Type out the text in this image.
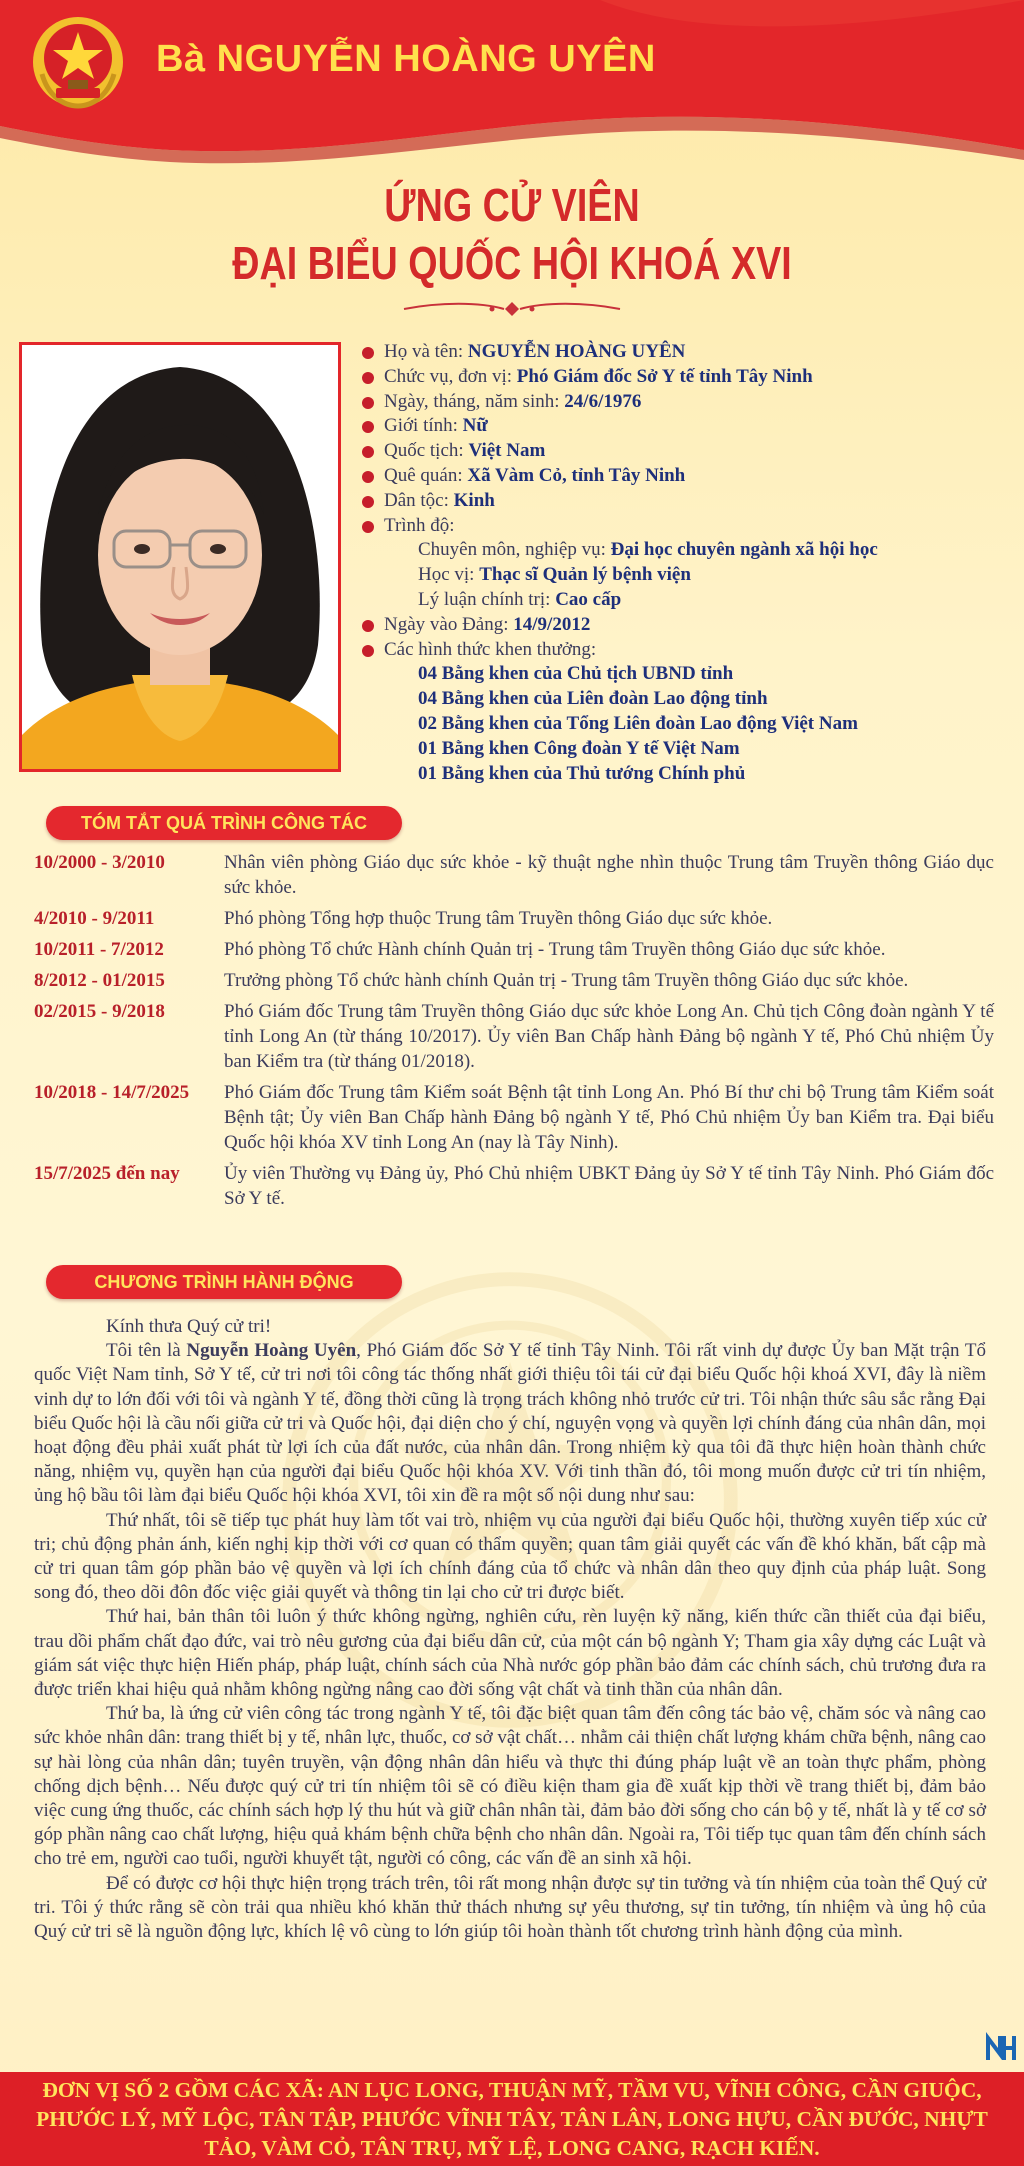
Bà NGUYỄN HOÀNG UYÊN
ỨNG CỬ VIÊN
ĐẠI BIỂU QUỐC HỘI KHOÁ XVI
Họ và tên: NGUYỄN HOÀNG UYÊN
Chức vụ, đơn vị: Phó Giám đốc Sở Y tế tỉnh Tây Ninh
Ngày, tháng, năm sinh: 24/6/1976
Giới tính: Nữ
Quốc tịch: Việt Nam
Quê quán: Xã Vàm Cỏ, tỉnh Tây Ninh
Dân tộc: Kinh
Trình độ:
Chuyên môn, nghiệp vụ: Đại học chuyên ngành xã hội học
Học vị: Thạc sĩ Quản lý bệnh viện
Lý luận chính trị: Cao cấp
Ngày vào Đảng: 14/9/2012
Các hình thức khen thưởng:
04 Bằng khen của Chủ tịch UBND tỉnh
04 Bằng khen của Liên đoàn Lao động tỉnh
02 Bằng khen của Tổng Liên đoàn Lao động Việt Nam
01 Bằng khen Công đoàn Y tế Việt Nam
01 Bằng khen của Thủ tướng Chính phủ
TÓM TẮT QUÁ TRÌNH CÔNG TÁC
10/2000 - 3/2010	Nhân viên phòng Giáo dục sức khỏe - kỹ thuật nghe nhìn thuộc Trung tâm Truyền thông Giáo dục sức khỏe.
4/2010 - 9/2011	Phó phòng Tổng hợp thuộc Trung tâm Truyền thông Giáo dục sức khỏe.
10/2011 - 7/2012	Phó phòng Tổ chức Hành chính Quản trị - Trung tâm Truyền thông Giáo dục sức khỏe.
8/2012 - 01/2015	Trưởng phòng Tổ chức hành chính Quản trị - Trung tâm Truyền thông Giáo dục sức khỏe.
02/2015 - 9/2018	Phó Giám đốc Trung tâm Truyền thông Giáo dục sức khỏe Long An. Chủ tịch Công đoàn ngành Y tế tỉnh Long An (từ tháng 10/2017). Ủy viên Ban Chấp hành Đảng bộ ngành Y tế, Phó Chủ nhiệm Ủy ban Kiểm tra (từ tháng 01/2018).
10/2018 - 14/7/2025	Phó Giám đốc Trung tâm Kiểm soát Bệnh tật tỉnh Long An. Phó Bí thư chi bộ Trung tâm Kiểm soát Bệnh tật; Ủy viên Ban Chấp hành Đảng bộ ngành Y tế, Phó Chủ nhiệm Ủy ban Kiểm tra. Đại biểu Quốc hội khóa XV tỉnh Long An (nay là Tây Ninh).
15/7/2025 đến nay	Ủy viên Thường vụ Đảng ủy, Phó Chủ nhiệm UBKT Đảng ủy Sở Y tế tỉnh Tây Ninh. Phó Giám đốc Sở Y tế.
CHƯƠNG TRÌNH HÀNH ĐỘNG

Kính thưa Quý cử tri!

Tôi tên là Nguyễn Hoàng Uyên, Phó Giám đốc Sở Y tế tỉnh Tây Ninh. Tôi rất vinh dự được Ủy ban Mặt trận Tổ quốc Việt Nam tỉnh, Sở Y tế, cử tri nơi tôi công tác thống nhất giới thiệu tôi tái cử đại biểu Quốc hội khoá XVI, đây là niềm vinh dự to lớn đối với tôi và ngành Y tế, đồng thời cũng là trọng trách không nhỏ trước cử tri. Tôi nhận thức sâu sắc rằng Đại biểu Quốc hội là cầu nối giữa cử tri và Quốc hội, đại diện cho ý chí, nguyện vọng và quyền lợi chính đáng của nhân dân, mọi hoạt động đều phải xuất phát từ lợi ích của đất nước, của nhân dân. Trong nhiệm kỳ qua tôi đã thực hiện hoàn thành chức năng, nhiệm vụ, quyền hạn của người đại biểu Quốc hội khóa XV. Với tinh thần đó, tôi mong muốn được cử tri tín nhiệm, ủng hộ bầu tôi làm đại biểu Quốc hội khóa XVI, tôi xin đề ra một số nội dung như sau:

Thứ nhất, tôi sẽ tiếp tục phát huy làm tốt vai trò, nhiệm vụ của người đại biểu Quốc hội, thường xuyên tiếp xúc cử tri; chủ động phản ánh, kiến nghị kịp thời với cơ quan có thẩm quyền; quan tâm giải quyết các vấn đề khó khăn, bất cập mà cử tri quan tâm góp phần bảo vệ quyền và lợi ích chính đáng của tổ chức và nhân dân theo quy định của pháp luật. Song song đó, theo dõi đôn đốc việc giải quyết và thông tin lại cho cử tri được biết.

Thứ hai, bản thân tôi luôn ý thức không ngừng, nghiên cứu, rèn luyện kỹ năng, kiến thức cần thiết của đại biểu, trau dồi phẩm chất đạo đức, vai trò nêu gương của đại biểu dân cử, của một cán bộ ngành Y; Tham gia xây dựng các Luật và giám sát việc thực hiện Hiến pháp, pháp luật, chính sách của Nhà nước góp phần bảo đảm các chính sách, chủ trương đưa ra được triển khai hiệu quả nhằm không ngừng nâng cao đời sống vật chất và tinh thần của nhân dân.

Thứ ba, là ứng cử viên công tác trong ngành Y tế, tôi đặc biệt quan tâm đến công tác bảo vệ, chăm sóc và nâng cao sức khỏe nhân dân: trang thiết bị y tế, nhân lực, thuốc, cơ sở vật chất… nhằm cải thiện chất lượng khám chữa bệnh, nâng cao sự hài lòng của nhân dân; tuyên truyền, vận động nhân dân hiểu và thực thi đúng pháp luật về an toàn thực phẩm, phòng chống dịch bệnh… Nếu được quý cử tri tín nhiệm tôi sẽ có điều kiện tham gia đề xuất kịp thời về trang thiết bị, đảm bảo việc cung ứng thuốc, các chính sách hợp lý thu hút và giữ chân nhân tài, đảm bảo đời sống cho cán bộ y tế, nhất là y tế cơ sở góp phần nâng cao chất lượng, hiệu quả khám bệnh chữa bệnh cho nhân dân. Ngoài ra, Tôi tiếp tục quan tâm đến chính sách cho trẻ em, người cao tuổi, người khuyết tật, người có công, các vấn đề an sinh xã hội.

Để có được cơ hội thực hiện trọng trách trên, tôi rất mong nhận được sự tin tưởng và tín nhiệm của toàn thể Quý cử tri. Tôi ý thức rằng sẽ còn trải qua nhiều khó khăn thử thách nhưng sự yêu thương, sự tin tưởng, tín nhiệm và ủng hộ của Quý cử tri sẽ là nguồn động lực, khích lệ vô cùng to lớn giúp tôi hoàn thành tốt chương trình hành động của mình.

ĐƠN VỊ SỐ 2 GỒM CÁC XÃ: AN LỤC LONG, THUẬN MỸ, TẦM VU, VĨNH CÔNG, CẦN GIUỘC, PHƯỚC LÝ, MỸ LỘC, TÂN TẬP, PHƯỚC VĨNH TÂY, TÂN LÂN, LONG HỰU, CẦN ĐƯỚC, NHỰT TẢO, VÀM CỎ, TÂN TRỤ, MỸ LỆ, LONG CANG, RẠCH KIẾN.
